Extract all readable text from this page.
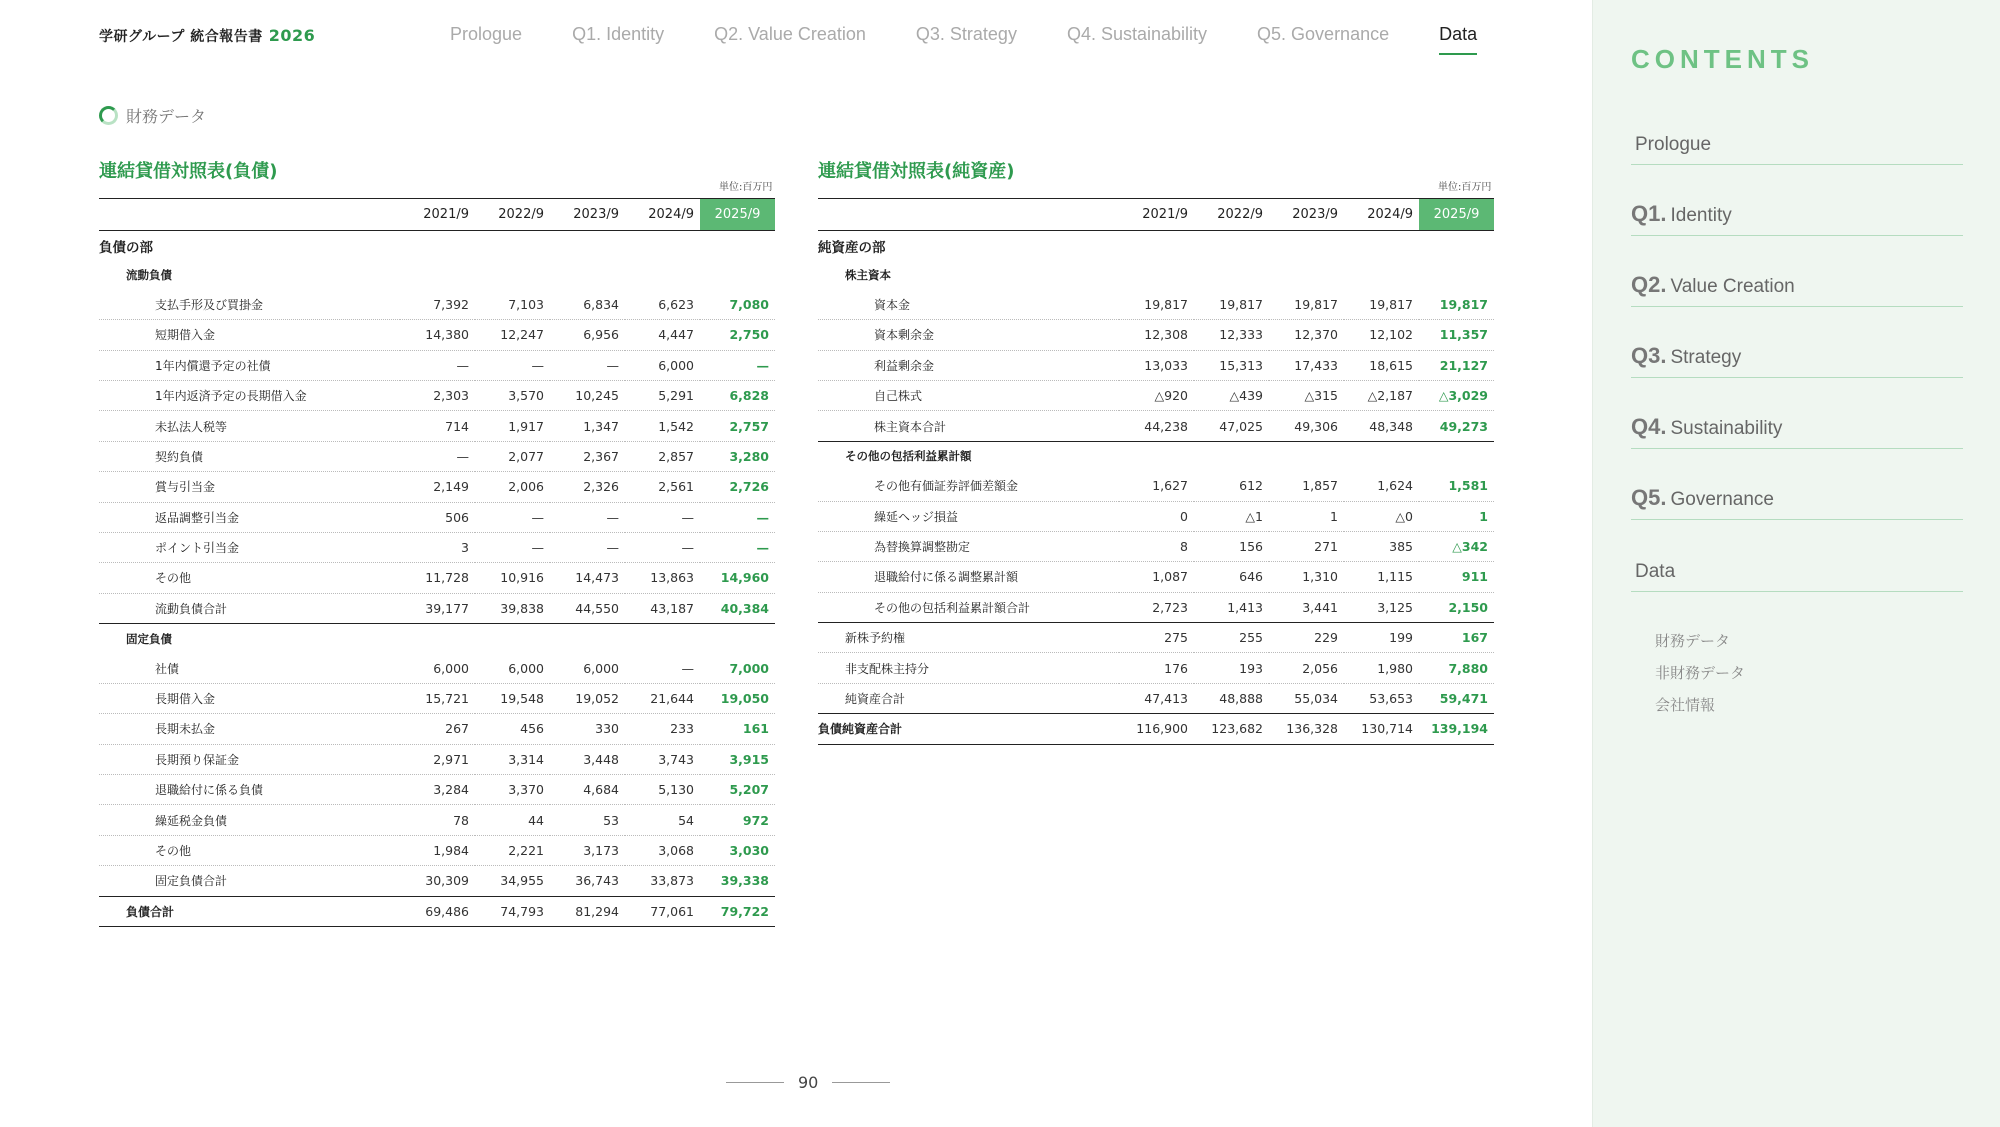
学研グループ 統合報告書 2026	Prologue	Q1. Identity	Q2. Value Creation	Q3. Strategy	Q4. Sustainability	Q5. Governance	Data
財務データ
連結貸借対照表(負債)
単位:百万円
	2021/9	2022/9	2023/9	2024/9	2025/9
負債の部					
流動負債					
支払手形及び買掛金	7,392	7,103	6,834	6,623	7,080
短期借入金	14,380	12,247	6,956	4,447	2,750
1年内償還予定の社債	—	—	—	6,000	—
1年内返済予定の長期借入金	2,303	3,570	10,245	5,291	6,828
未払法人税等	714	1,917	1,347	1,542	2,757
契約負債	—	2,077	2,367	2,857	3,280
賞与引当金	2,149	2,006	2,326	2,561	2,726
返品調整引当金	506	—	—	—	—
ポイント引当金	3	—	—	—	—
その他	11,728	10,916	14,473	13,863	14,960
流動負債合計	39,177	39,838	44,550	43,187	40,384
固定負債					
社債	6,000	6,000	6,000	—	7,000
長期借入金	15,721	19,548	19,052	21,644	19,050
長期未払金	267	456	330	233	161
長期預り保証金	2,971	3,314	3,448	3,743	3,915
退職給付に係る負債	3,284	3,370	4,684	5,130	5,207
繰延税金負債	78	44	53	54	972
その他	1,984	2,221	3,173	3,068	3,030
固定負債合計	30,309	34,955	36,743	33,873	39,338
負債合計	69,486	74,793	81,294	77,061	79,722
連結貸借対照表(純資産)
単位:百万円
	2021/9	2022/9	2023/9	2024/9	2025/9
純資産の部					
株主資本					
資本金	19,817	19,817	19,817	19,817	19,817
資本剰余金	12,308	12,333	12,370	12,102	11,357
利益剰余金	13,033	15,313	17,433	18,615	21,127
自己株式	△920	△439	△315	△2,187	△3,029
株主資本合計	44,238	47,025	49,306	48,348	49,273
その他の包括利益累計額					
その他有価証券評価差額金	1,627	612	1,857	1,624	1,581
繰延ヘッジ損益	0	△1	1	△0	1
為替換算調整勘定	8	156	271	385	△342
退職給付に係る調整累計額	1,087	646	1,310	1,115	911
その他の包括利益累計額合計	2,723	1,413	3,441	3,125	2,150
新株予約権	275	255	229	199	167
非支配株主持分	176	193	2,056	1,980	7,880
純資産合計	47,413	48,888	55,034	53,653	59,471
負債純資産合計	116,900	123,682	136,328	130,714	139,194
90
CONTENTS
Prologue
Q1. Identity
Q2. Value Creation
Q3. Strategy
Q4. Sustainability
Q5. Governance
Data
財務データ
非財務データ
会社情報
